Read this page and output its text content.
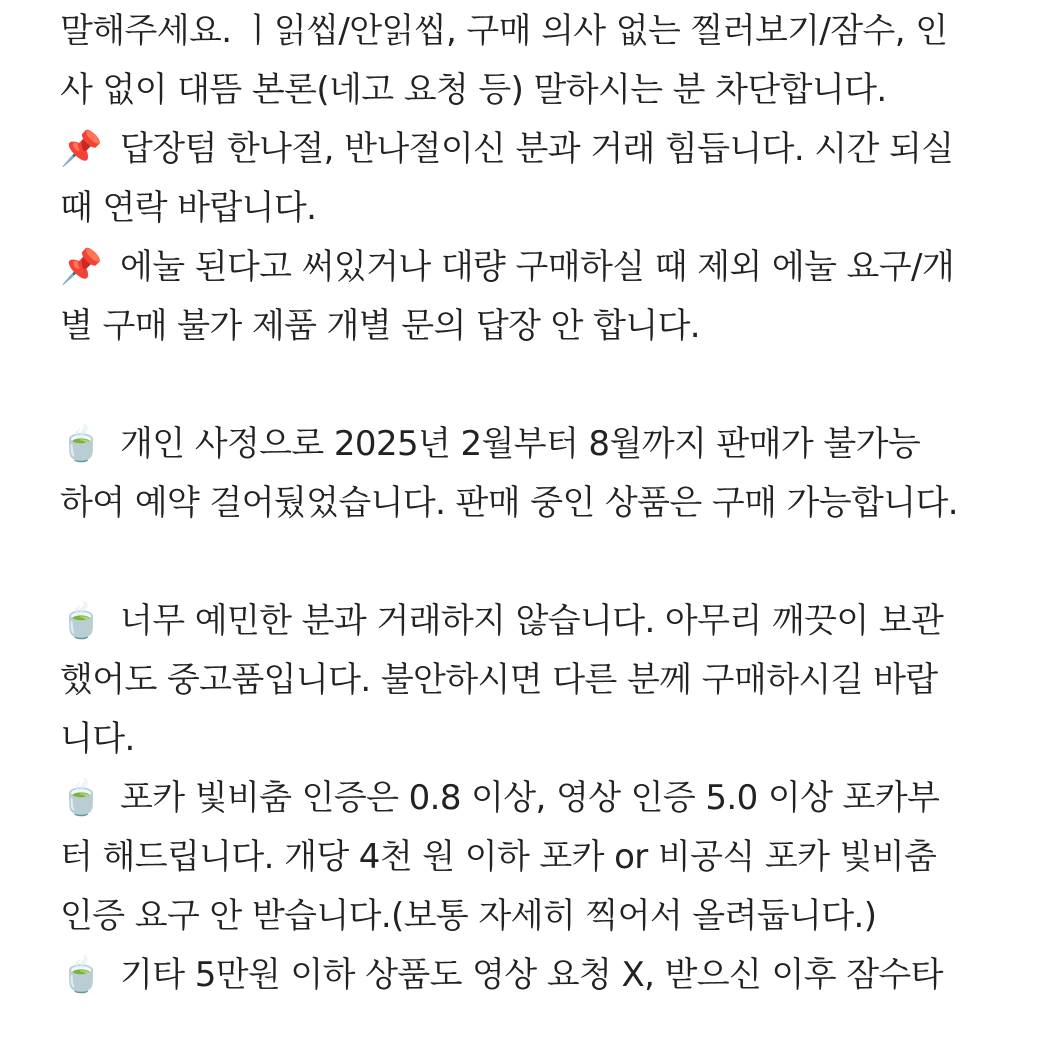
말해주세요. ㅣ읽씹/안읽씹, 구매 의사 없는 찔러보기/잠수, 인
사 없이 대뜸 본론(네고 요청 등) 말하시는 분 차단합니다.
📌 답장텀 한나절, 반나절이신 분과 거래 힘듭니다. 시간 되실
때 연락 바랍니다.
📌 에눌 된다고 써있거나 대량 구매하실 때 제외 에눌 요구/개
별 구매 불가 제품 개별 문의 답장 안 합니다.
🍵 개인 사정으로 2025년 2월부터 8월까지 판매가 불가능
하여 예약 걸어뒀었습니다. 판매 중인 상품은 구매 가능합니다.
🍵 너무 예민한 분과 거래하지 않습니다. 아무리 깨끗이 보관
했어도 중고품입니다. 불안하시면 다른 분께 구매하시길 바랍
니다.
🍵 포카 빛비춤 인증은 0.8 이상, 영상 인증 5.0 이상 포카부
터 해드립니다. 개당 4천 원 이하 포카 or 비공식 포카 빛비춤
인증 요구 안 받습니다.(보통 자세히 찍어서 올려둡니다.)
🍵 기타 5만원 이하 상품도 영상 요청 X, 받으신 이후 잠수타
